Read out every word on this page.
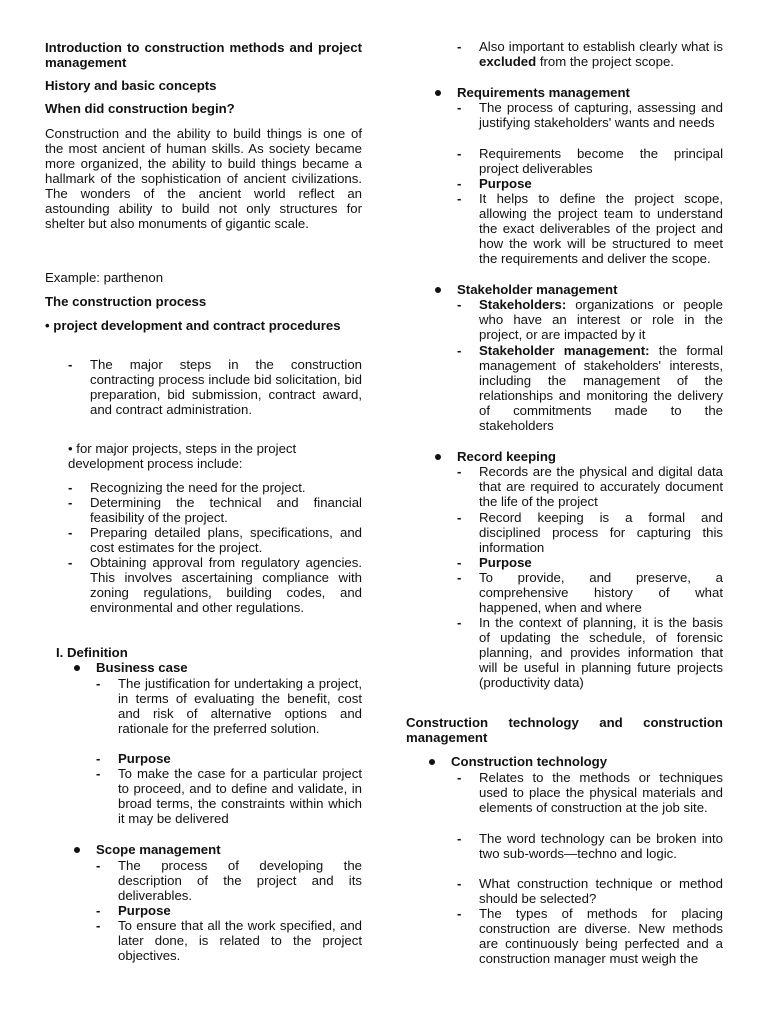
Introduction to construction methods and project management
History and basic concepts
When did construction begin?
Construction and the ability to build things is one of the most ancient of human skills. As society became more organized, the ability to build things became a hallmark of the sophistication of ancient civilizations. The wonders of the ancient world reflect an astounding ability to build not only structures for shelter but also monuments of gigantic scale.
Example: parthenon
The construction process
• project development and contract procedures
- The major steps in the construction contracting process include bid solicitation, bid preparation, bid submission, contract award, and contract administration.
• for major projects, steps in the project development process include:
- Recognizing the need for the project.
- Determining the technical and financial feasibility of the project.
- Preparing detailed plans, specifications, and cost estimates for the project.
- Obtaining approval from regulatory agencies. This involves ascertaining compliance with zoning regulations, building codes, and environmental and other regulations.
I. Definition
Business case
- The justification for undertaking a project, in terms of evaluating the benefit, cost and risk of alternative options and rationale for the preferred solution.
- Purpose
- To make the case for a particular project to proceed, and to define and validate, in broad terms, the constraints within which it may be delivered
Scope management
- The process of developing the description of the project and its deliverables.
- Purpose
- To ensure that all the work specified, and later done, is related to the project objectives.
- Also important to establish clearly what is excluded from the project scope.
Requirements management
- The process of capturing, assessing and justifying stakeholders' wants and needs
- Requirements become the principal project deliverables
- Purpose
- It helps to define the project scope, allowing the project team to understand the exact deliverables of the project and how the work will be structured to meet the requirements and deliver the scope.
Stakeholder management
- Stakeholders: organizations or people who have an interest or role in the project, or are impacted by it
- Stakeholder management: the formal management of stakeholders' interests, including the management of the relationships and monitoring the delivery of commitments made to the stakeholders
Record keeping
- Records are the physical and digital data that are required to accurately document the life of the project
- Record keeping is a formal and disciplined process for capturing this information
- Purpose
- To provide, and preserve, a comprehensive history of what happened, when and where
- In the context of planning, it is the basis of updating the schedule, of forensic planning, and provides information that will be useful in planning future projects (productivity data)
Construction technology and construction management
Construction technology
- Relates to the methods or techniques used to place the physical materials and elements of construction at the job site.
- The word technology can be broken into two sub-words—techno and logic.
- What construction technique or method should be selected?
- The types of methods for placing construction are diverse. New methods are continuously being perfected and a construction manager must weigh the
